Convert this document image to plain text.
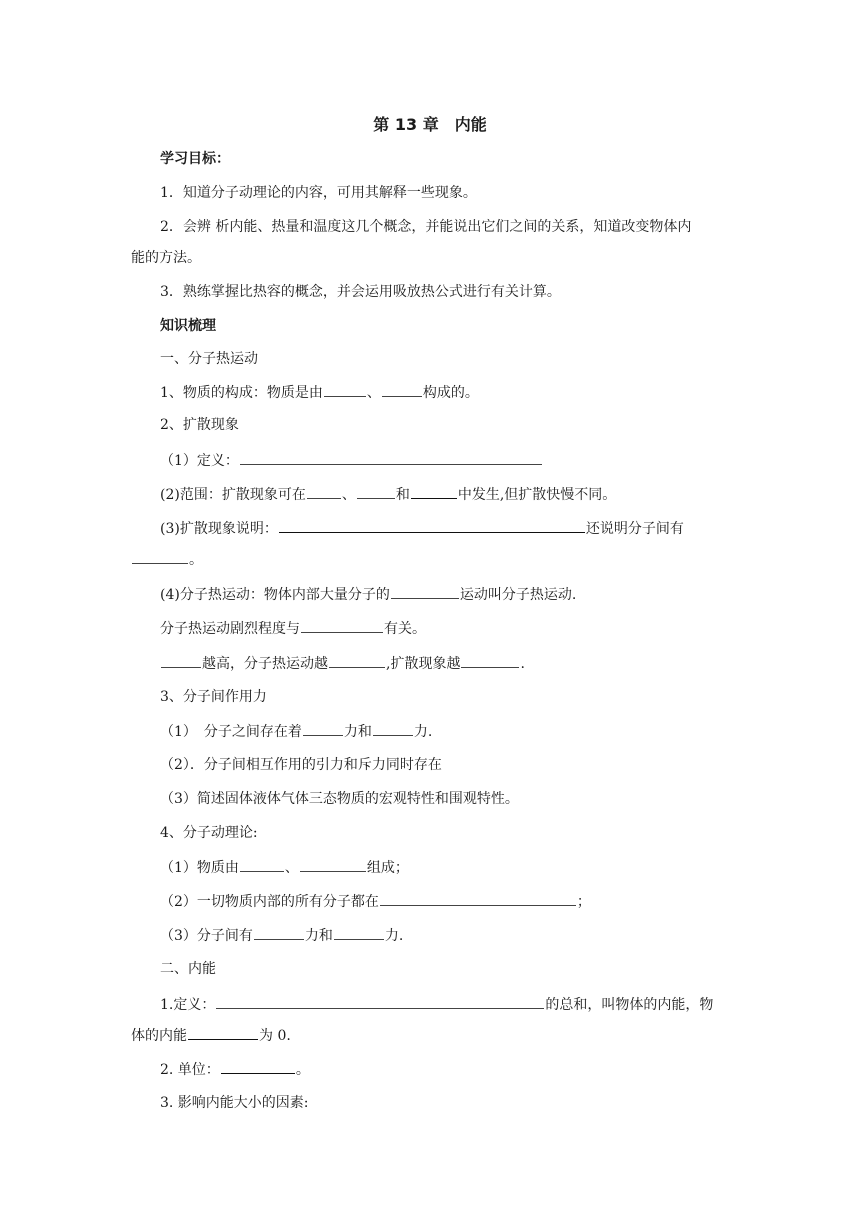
第 13 章　内能
学习目标：
1．知道分子动理论的内容，可用其解释一些现象。
2．会辨 析内能、热量和温度这几个概念，并能说出它们之间的关系，知道改变物体内
能的方法。
3．熟练掌握比热容的概念，并会运用吸放热公式进行有关计算。
知识梳理
一、分子热运动
1、物质的构成：物质是由	、	构成的。
2、扩散现象
（1）定义：
(2)范围：扩散现象可在	、	和	中发生,但扩散快慢不同。
(3)扩散现象说明：	还说明分子间有
。
(4)分子热运动：物体内部大量分子的	运动叫分子热运动.
分子热运动剧烈程度与	有关。
越高，分子热运动越	,扩散现象越	.
3、分子间作用力
（1）　分子之间存在着	力和	力.
（2）．分子间相互作用的引力和斥力同时存在
（3）简述固体液体气体三态物质的宏观特性和围观特性。
4、分子动理论:
（1）物质由	、	组成；
（2）一切物质内部的所有分子都在	；
（3）分子间有	力和	力.
二、内能
1.定义：	的总和，叫物体的内能，物
体的内能	为 0.
2. 单位：	。
3. 影响内能大小的因素:
